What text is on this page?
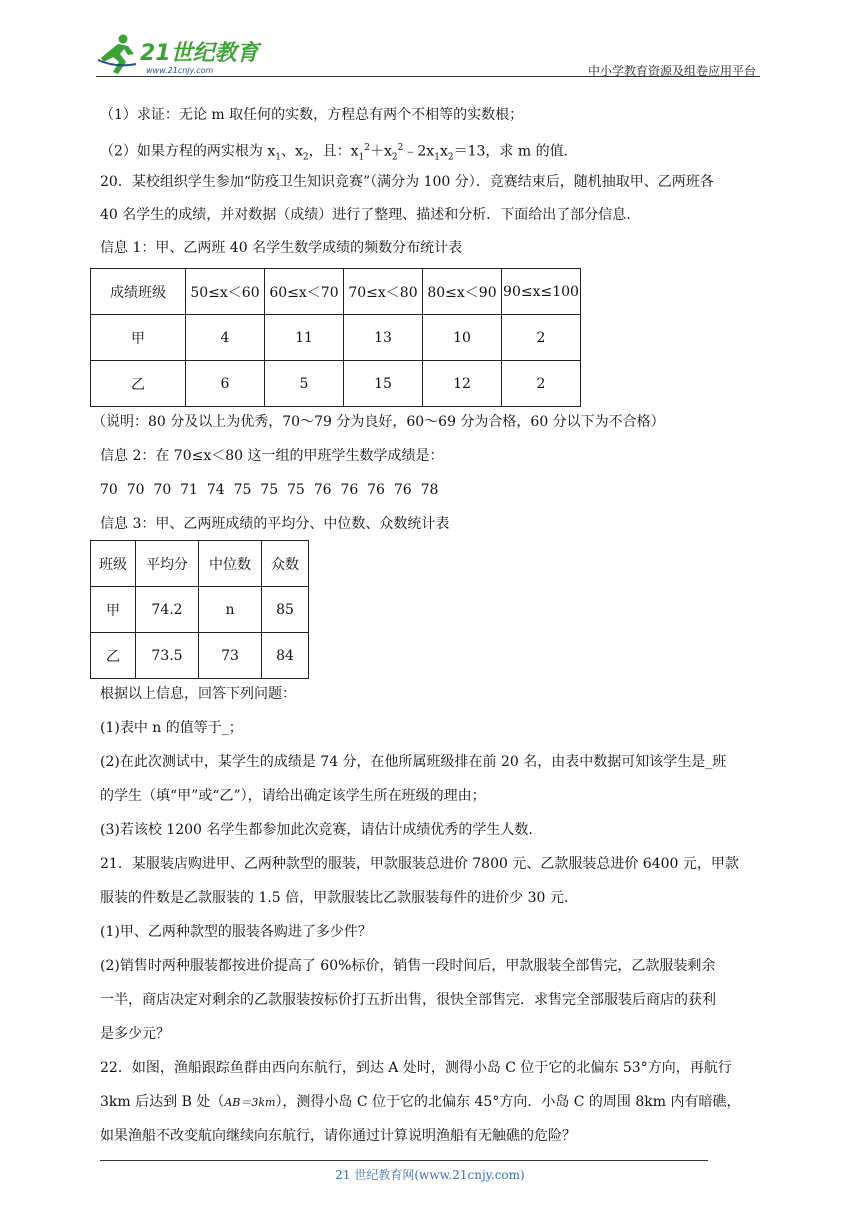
21世纪教育
www.21cnjy.com	中小学教育资源及组卷应用平台
（1）求证：无论 m 取任何的实数，方程总有两个不相等的实数根；
（2）如果方程的两实根为 $x_1$、$x_2$，且：$x_1^2+x_2^2﹣2x_1x_2=13$，求 m 的值.
20．某校组织学生参加“防疫卫生知识竞赛”（满分为 100 分）．竞赛结束后，随机抽取甲、乙两班各
40 名学生的成绩，并对数据（成绩）进行了整理、描述和分析．下面给出了部分信息.
信息 1：甲、乙两班 40 名学生数学成绩的频数分布统计表
成绩班级	50≤x＜60	60≤x＜70	70≤x＜80	80≤x＜90	90≤x≤100
甲	4	11	13	10	2
乙	6	5	15	12	2
（说明：80 分及以上为优秀，70～79 分为良好，60～69 分为合格，60 分以下为不合格）
信息 2：在 70≤x＜80 这一组的甲班学生数学成绩是：
70  70  70  71  74  75  75  75  76  76  76  76  78
信息 3：甲、乙两班成绩的平均分、中位数、众数统计表
班级	平均分	中位数	众数
甲	74.2	n	85
乙	73.5	73	84
根据以上信息，回答下列问题：
(1)表中 n 的值等于_；
(2)在此次测试中，某学生的成绩是 74 分，在他所属班级排在前 20 名，由表中数据可知该学生是_班
的学生（填“甲”或“乙”），请给出确定该学生所在班级的理由；
(3)若该校 1200 名学生都参加此次竞赛，请估计成绩优秀的学生人数.
21．某服装店购进甲、乙两种款型的服装，甲款服装总进价 7800 元、乙款服装总进价 6400 元，甲款
服装的件数是乙款服装的 1.5 倍，甲款服装比乙款服装每件的进价少 30 元.
(1)甲、乙两种款型的服装各购进了多少件？
(2)销售时两种服装都按进价提高了 60%标价，销售一段时间后，甲款服装全部售完，乙款服装剩余
一半，商店决定对剩余的乙款服装按标价打五折出售，很快全部售完．求售完全部服装后商店的获利
是多少元？
22．如图，渔船跟踪鱼群由西向东航行，到达 A 处时，测得小岛 C 位于它的北偏东 53°方向，再航行
3km 后达到 B 处（AB＝3km），测得小岛 C 位于它的北偏东 45°方向．小岛 C 的周围 8km 内有暗礁，
如果渔船不改变航向继续向东航行，请你通过计算说明渔船有无触礁的危险？
21 世纪教育网(www.21cnjy.com)
